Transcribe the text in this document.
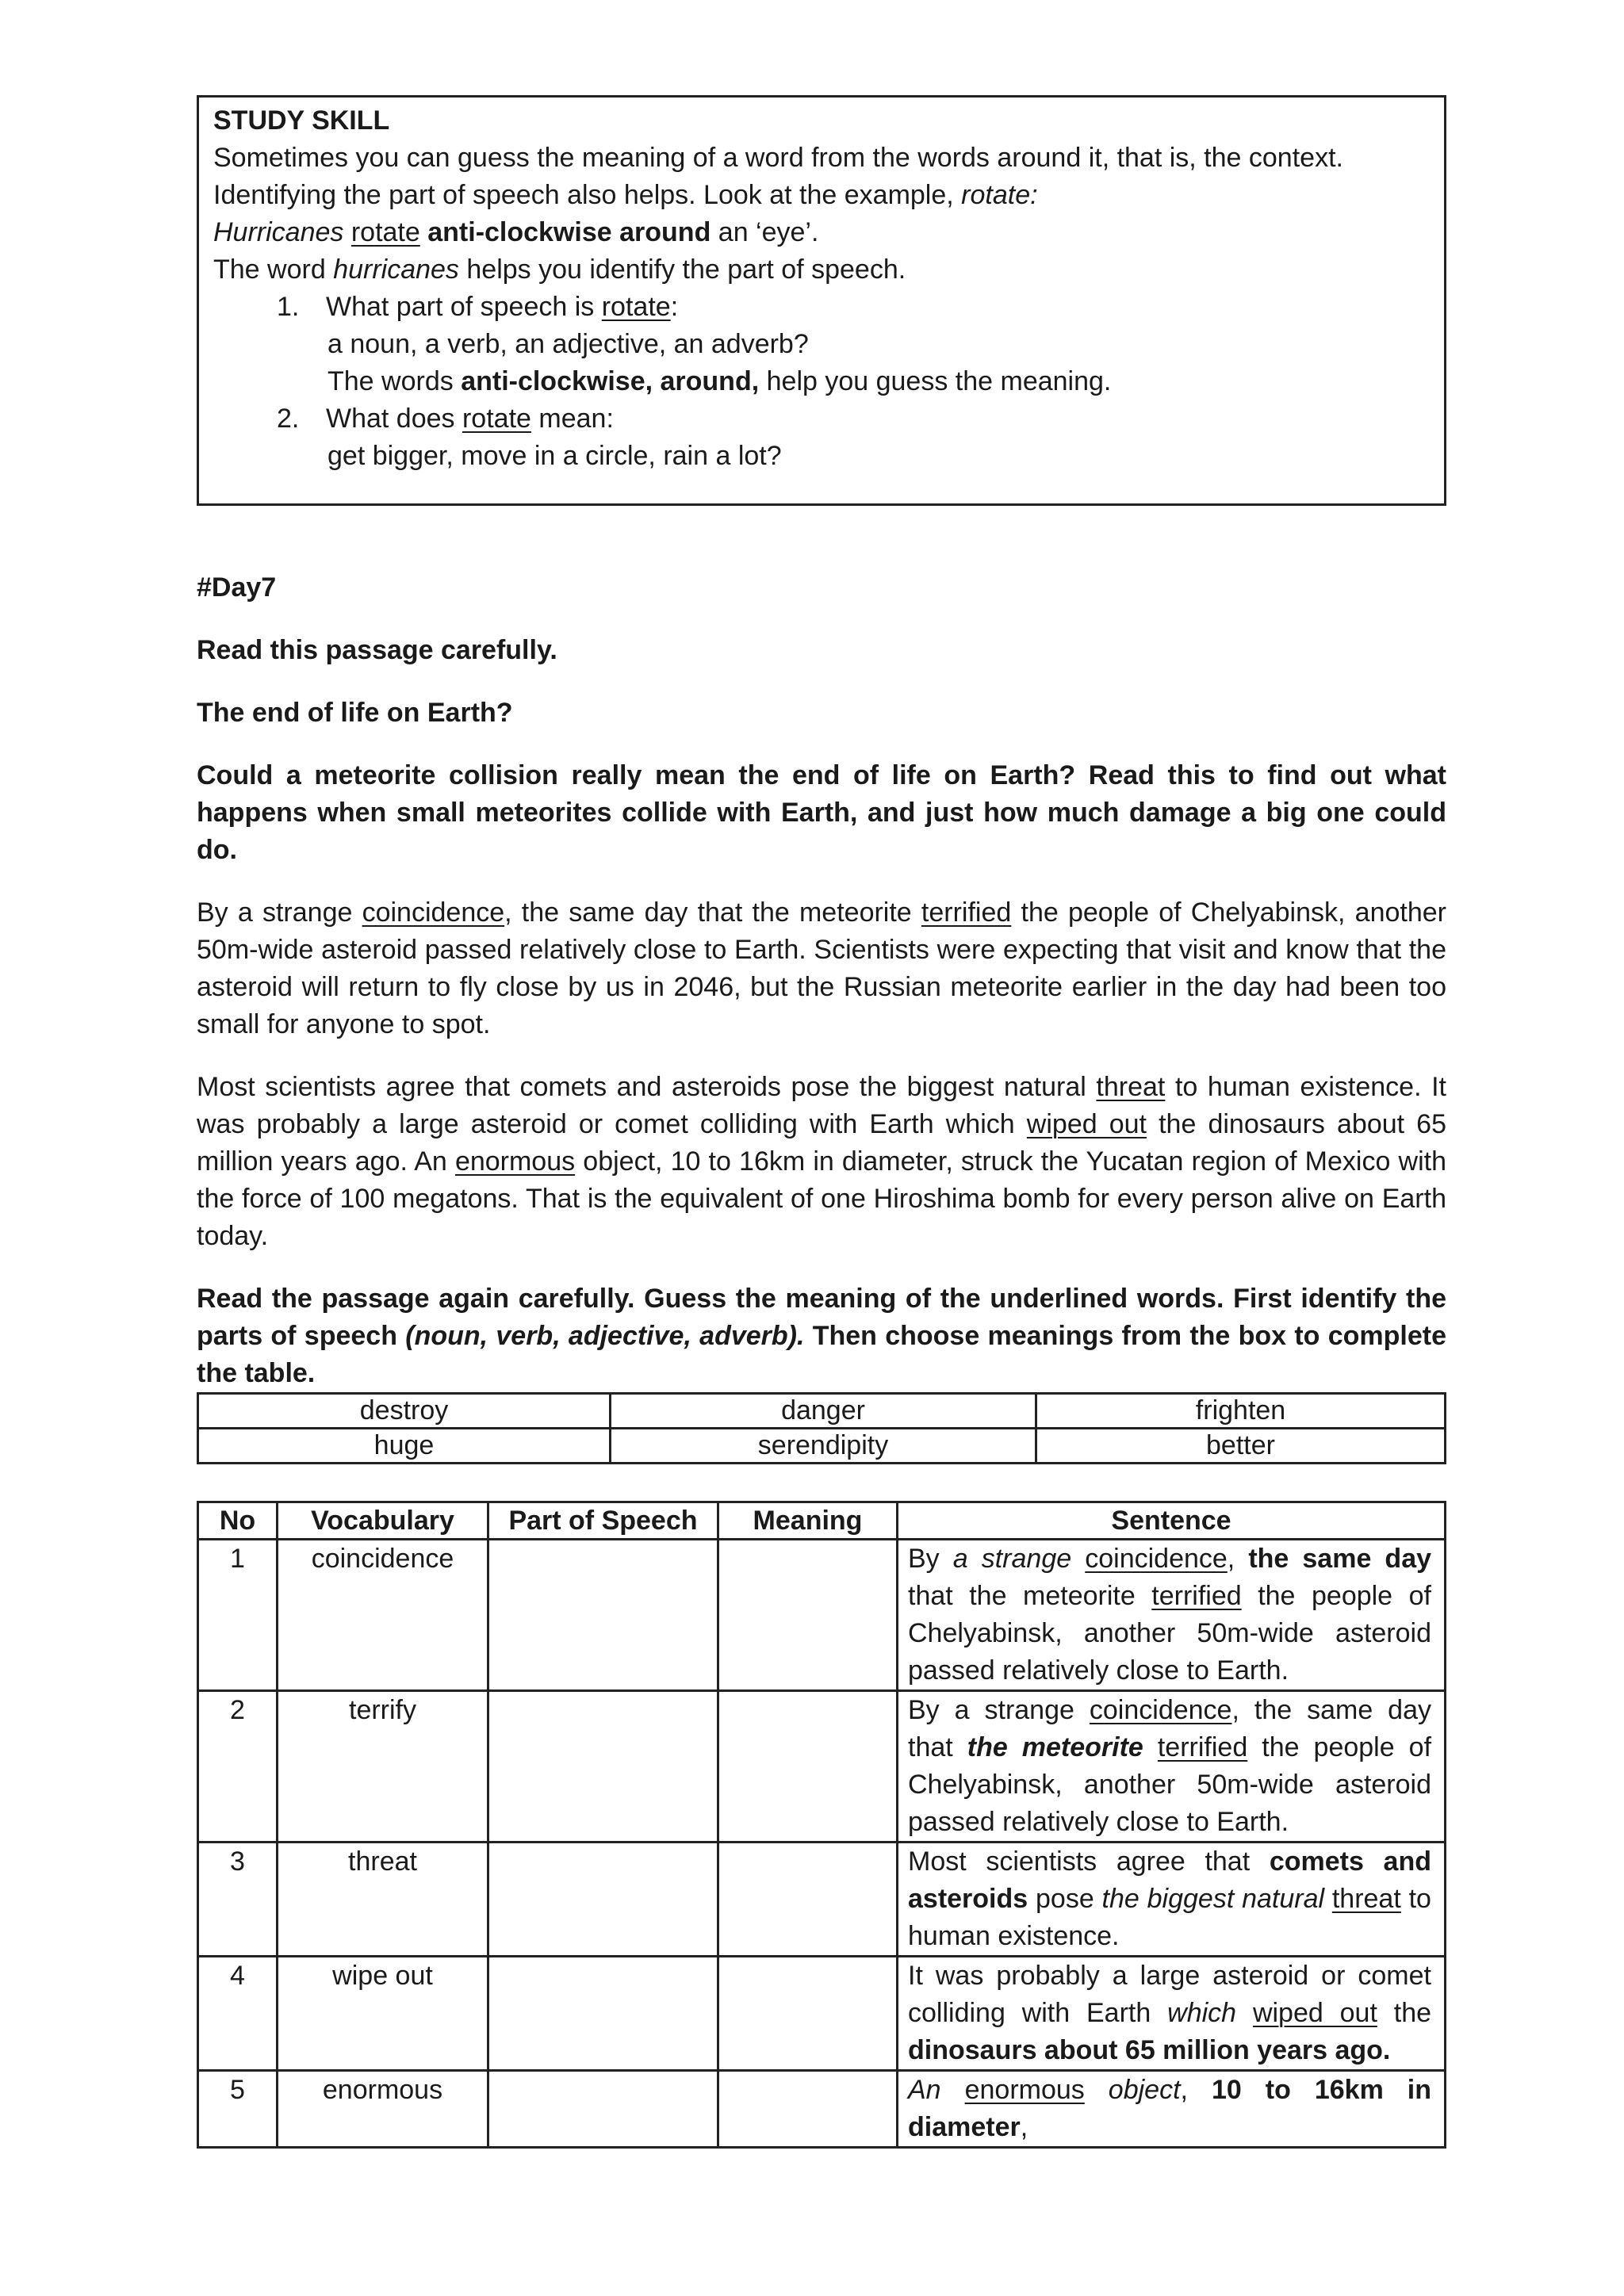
STUDY SKILL
Sometimes you can guess the meaning of a word from the words around it, that is, the context.
Identifying the part of speech also helps. Look at the example, rotate:
Hurricanes rotate anti-clockwise around an ‘eye’.
The word hurricanes helps you identify the part of speech.
1. What part of speech is rotate:
a noun, a verb, an adjective, an adverb?
The words anti-clockwise, around, help you guess the meaning.
2. What does rotate mean:
get bigger, move in a circle, rain a lot?
#Day7
Read this passage carefully.
The end of life on Earth?
Could a meteorite collision really mean the end of life on Earth? Read this to find out what happens when small meteorites collide with Earth, and just how much damage a big one could do.
By a strange coincidence, the same day that the meteorite terrified the people of Chelyabinsk, another 50m-wide asteroid passed relatively close to Earth. Scientists were expecting that visit and know that the asteroid will return to fly close by us in 2046, but the Russian meteorite earlier in the day had been too small for anyone to spot.
Most scientists agree that comets and asteroids pose the biggest natural threat to human existence. It was probably a large asteroid or comet colliding with Earth which wiped out the dinosaurs about 65 million years ago. An enormous object, 10 to 16km in diameter, struck the Yucatan region of Mexico with the force of 100 megatons. That is the equivalent of one Hiroshima bomb for every person alive on Earth today.
Read the passage again carefully. Guess the meaning of the underlined words. First identify the parts of speech (noun, verb, adjective, adverb). Then choose meanings from the box to complete the table.
destroy	danger	frighten
huge	serendipity	better
No	Vocabulary	Part of Speech	Meaning	Sentence
1	coincidence			By a strange coincidence, the same day that the meteorite terrified the people of Chelyabinsk, another 50m-wide asteroid passed relatively close to Earth.
2	terrify			By a strange coincidence, the same day that the meteorite terrified the people of Chelyabinsk, another 50m-wide asteroid passed relatively close to Earth.
3	threat			Most scientists agree that comets and asteroids pose the biggest natural threat to human existence.
4	wipe out			It was probably a large asteroid or comet colliding with Earth which wiped out the dinosaurs about 65 million years ago.
5	enormous			An enormous object, 10 to 16km in diameter,
